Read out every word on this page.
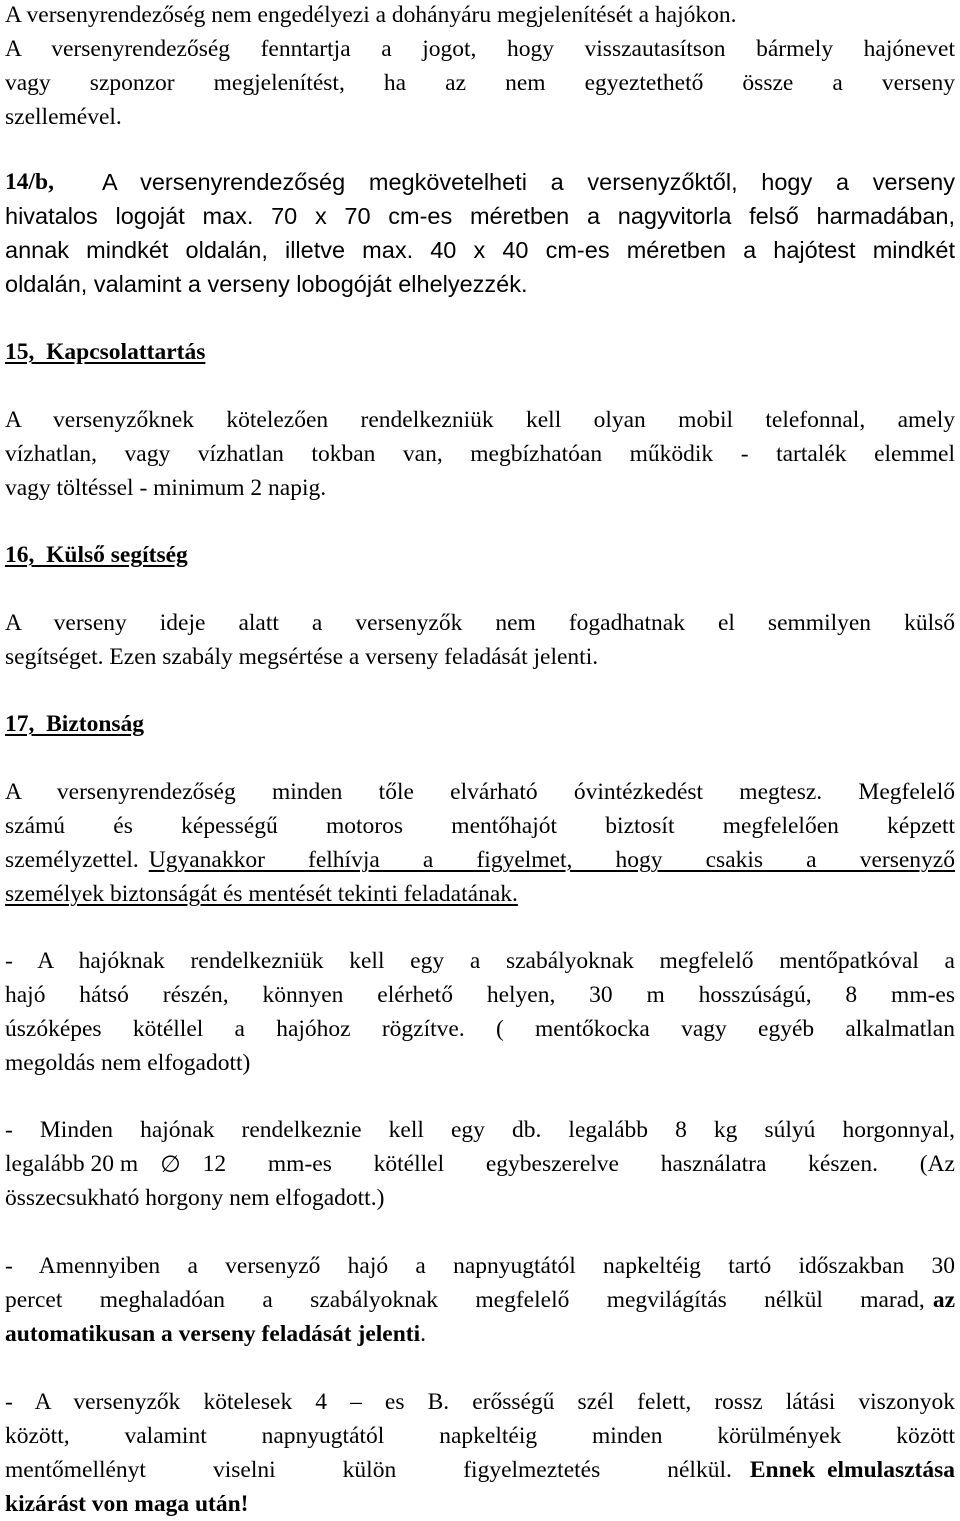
A versenyrendezőség nem engedélyezi a dohányáru megjelenítését a hajókon.
A versenyrendezőség fenntartja a jogot, hogy visszautasítson bármely hajónevet
vagy szponzor megjelenítést, ha az nem egyeztethető össze a verseny
szellemével.
14/b,	A versenyrendezőség megkövetelheti a versenyzőktől, hogy a verseny
hivatalos logoját max. 70 x 70 cm-es méretben a nagyvitorla felső harmadában,
annak mindkét oldalán, illetve max. 40 x 40 cm-es méretben a hajótest mindkét
oldalán, valamint a verseny lobogóját elhelyezzék.
15,  Kapcsolattartás
A versenyzőknek kötelezően rendelkezniük kell olyan mobil telefonnal, amely
vízhatlan, vagy vízhatlan tokban van, megbízhatóan működik - tartalék elemmel
vagy töltéssel - minimum 2 napig.
16,  Külső segítség
A verseny ideje alatt a versenyzők nem fogadhatnak el semmilyen külső
segítséget. Ezen szabály megsértése a verseny feladását jelenti.
17,  Biztonság
A versenyrendezőség minden tőle elvárható óvintézkedést megtesz. Megfelelő
számú és képességű motoros mentőhajót biztosít megfelelően képzett
személyzettel. Ugyanakkor felhívja a figyelmet, hogy csakis a versenyző
személyek biztonságát és mentését tekinti feladatának.
- A hajóknak rendelkezniük kell egy a szabályoknak megfelelő mentőpatkóval a
hajó hátsó részén, könnyen elérhető helyen, 30 m hosszúságú, 8 mm-es
úszóképes kötéllel a hajóhoz rögzítve. ( mentőkocka vagy egyéb alkalmatlan
megoldás nem elfogadott)
- Minden hajónak rendelkeznie kell egy db. legalább 8 kg súlyú horgonnyal,
legalább 20 m ∅ 12 mm-es kötéllel egybeszerelve használatra készen. (Az
összecsukható horgony nem elfogadott.)
- Amennyiben a versenyző hajó a napnyugtától napkeltéig tartó időszakban 30
percet meghaladóan a szabályoknak megfelelő megvilágítás nélkül marad, az
automatikusan a verseny feladását jelenti.
- A versenyzők kötelesek 4 – es B. erősségű szél felett, rossz látási viszonyok
között, valamint napnyugtától napkeltéig minden körülmények között
mentőmellényt viselni külön figyelmeztetés nélkül. Ennek elmulasztása
kizárást von maga után!
